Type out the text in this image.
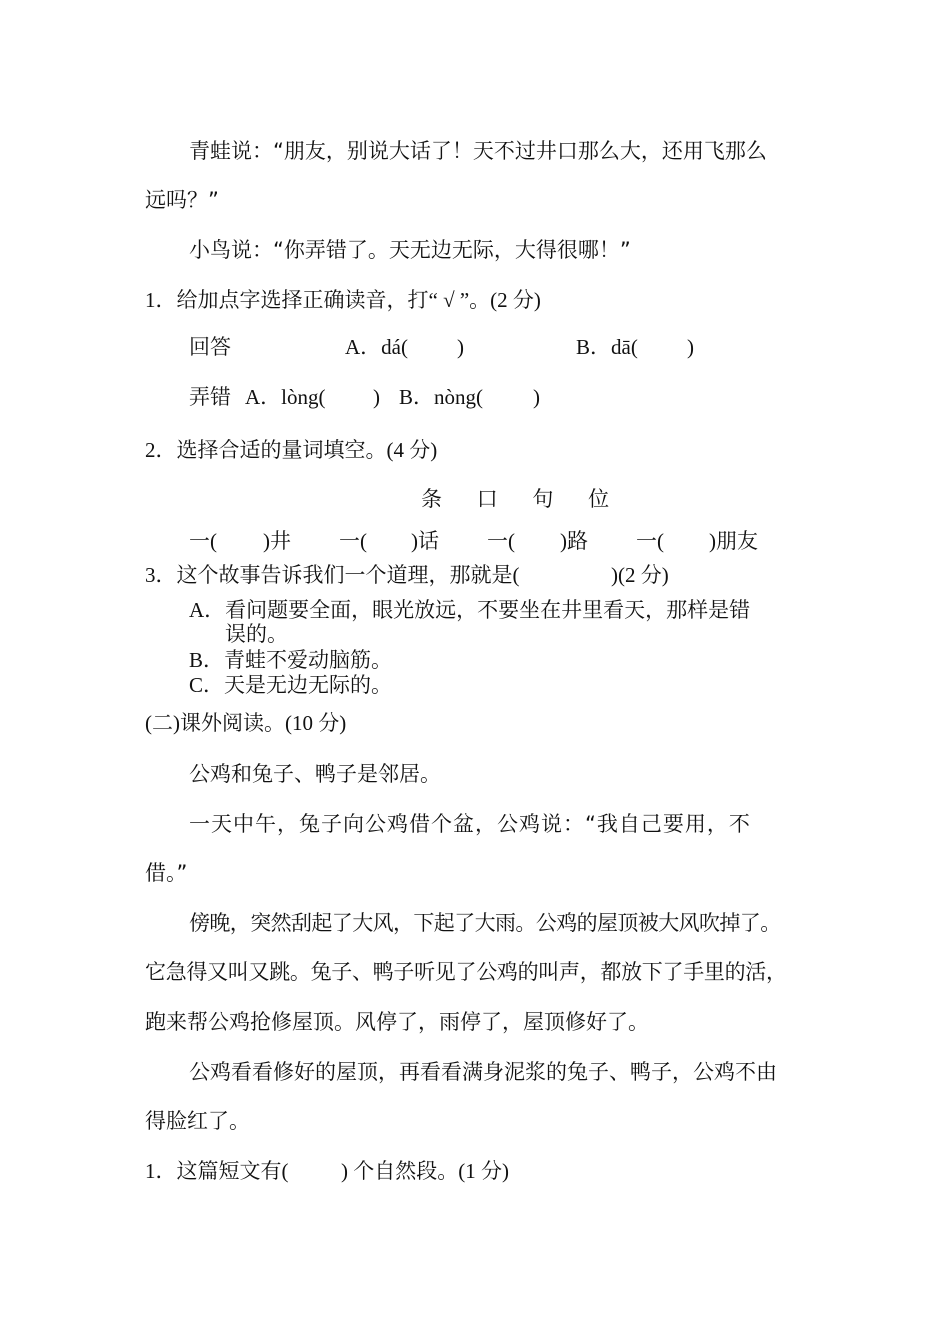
青蛙说：“朋友，别说大话了！天不过井口那么大，还用飞那么
远吗？”
小鸟说：“你弄错了。天无边无际，大得很哪！”
1．给加点字选择正确读音，打“ √ ”。(2 分)
回答	A．dá( )	B．dā( )
弄错 A．lòng( ) B．nòng( )
2．选择合适的量词填空。(4 分)
条 口 句 位
一( )井 一( )话 一( )路 一( )朋友
3．这个故事告诉我们一个道理，那就是(	)(2 分)
A．看问题要全面，眼光放远，不要坐在井里看天，那样是错
误的。
B．青蛙不爱动脑筋。
C．天是无边无际的。
(二)课外阅读。(10 分)
公鸡和兔子、鸭子是邻居。
一天中午，兔子向公鸡借个盆，公鸡说：“我自己要用，不
借。”
傍晚，突然刮起了大风，下起了大雨。公鸡的屋顶被大风吹掉了。
它急得又叫又跳。兔子、鸭子听见了公鸡的叫声，都放下了手里的活，
跑来帮公鸡抢修屋顶。风停了，雨停了，屋顶修好了。
公鸡看看修好的屋顶，再看看满身泥浆的兔子、鸭子，公鸡不由
得脸红了。
1．这篇短文有(	) 个自然段。(1 分)
